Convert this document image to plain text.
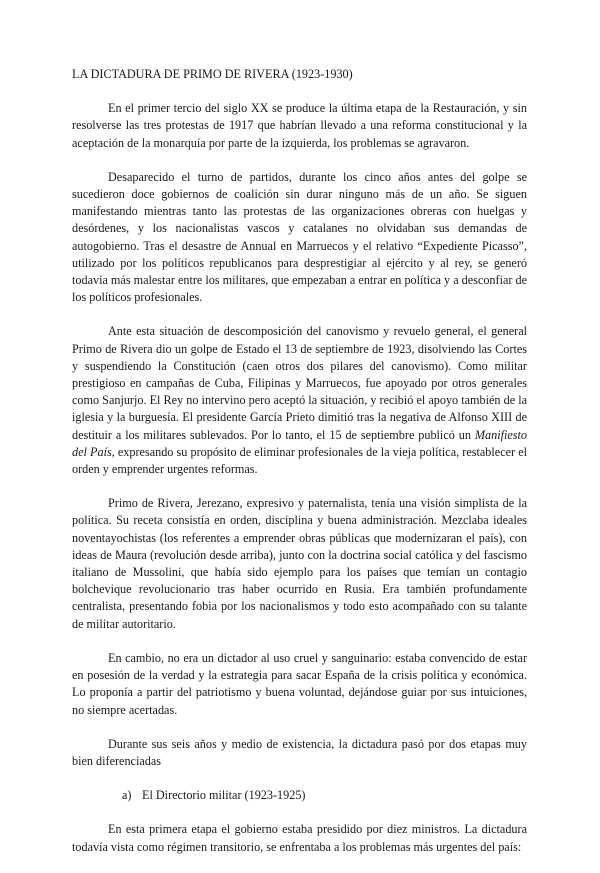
LA DICTADURA DE PRIMO DE RIVERA (1923-1930)

En el primer tercio del siglo XX se produce la última etapa de la Restauración, y sin resolverse las tres protestas de 1917 que habrían llevado a una reforma constitucional y la aceptación de la monarquía por parte de la izquierda, los problemas se agravaron.

Desaparecido el turno de partidos, durante los cinco años antes del golpe se sucedieron doce gobiernos de coalición sin durar ninguno más de un año. Se siguen manifestando mientras tanto las protestas de las organizaciones obreras con huelgas y desórdenes, y los nacionalistas vascos y catalanes no olvidaban sus demandas de autogobierno. Tras el desastre de Annual en Marruecos y el relativo “Expediente Picasso”, utilizado por los políticos republicanos para desprestigiar al ejército y al rey, se generó todavía más malestar entre los militares, que empezaban a entrar en política y a desconfiar de los políticos profesionales.

Ante esta situación de descomposición del canovismo y revuelo general, el general Primo de Rivera dio un golpe de Estado el 13 de septiembre de 1923, disolviendo las Cortes y suspendiendo la Constitución (caen otros dos pilares del canovismo). Como militar prestigioso en campañas de Cuba, Filipinas y Marruecos, fue apoyado por otros generales como Sanjurjo. El Rey no intervino pero aceptó la situación, y recibió el apoyo también de la iglesia y la burguesía. El presidente García Prieto dimitió tras la negativa de Alfonso XIII de destituir a los militares sublevados. Por lo tanto, el 15 de septiembre publicó un Manifiesto del País, expresando su propósito de eliminar profesionales de la vieja política, restablecer el orden y emprender urgentes reformas.

Primo de Rivera, Jerezano, expresivo y paternalista, tenía una visión simplista de la política. Su receta consistía en orden, disciplina y buena administración. Mezclaba ideales noventayochistas (los referentes a emprender obras públicas que modernizaran el país), con ideas de Maura (revolución desde arriba), junto con la doctrina social católica y del fascismo italiano de Mussolini, que había sido ejemplo para los países que temían un contagio bolchevique revolucionario tras haber ocurrido en Rusia. Era también profundamente centralista, presentando fobia por los nacionalismos y todo esto acompañado con su talante de militar autoritario.

En cambio, no era un dictador al uso cruel y sanguinario: estaba convencido de estar en posesión de la verdad y la estrategia para sacar España de la crisis política y económica. Lo proponía a partir del patriotismo y buena voluntad, dejándose guiar por sus intuiciones, no siempre acertadas.

Durante sus seis años y medio de existencia, la dictadura pasó por dos etapas muy bien diferenciadas

a) El Directorio militar (1923-1925)

En esta primera etapa el gobierno estaba presidido por diez ministros. La dictadura todavía vista como régimen transitorio, se enfrentaba a los problemas más urgentes del país:
